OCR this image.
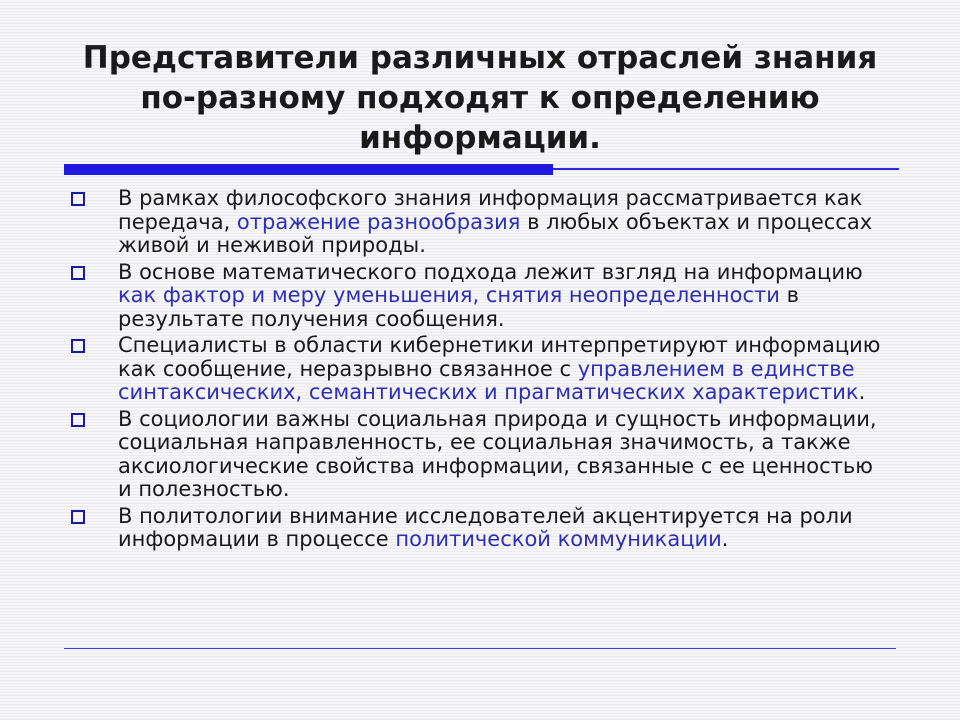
Представители различных отраслей знания
по-разному подходят к определению
информации.
В рамках философского знания информация рассматривается как передача, отражение разнообразия в любых объектах и процессах живой и неживой природы.
В основе математического подхода лежит взгляд на информацию как фактор и меру уменьшения, снятия неопределенности в результате получения сообщения.
Специалисты в области кибернетики интерпретируют информацию как сообщение, неразрывно связанное с управлением в единстве синтаксических, семантических и прагматических характеристик.
В социологии важны социальная природа и сущность информации, социальная направленность, ее социальная значимость, а также аксиологические свойства информации, связанные с ее ценностью и полезностью.
В политологии внимание исследователей акцентируется на роли информации в процессе политической коммуникации.
